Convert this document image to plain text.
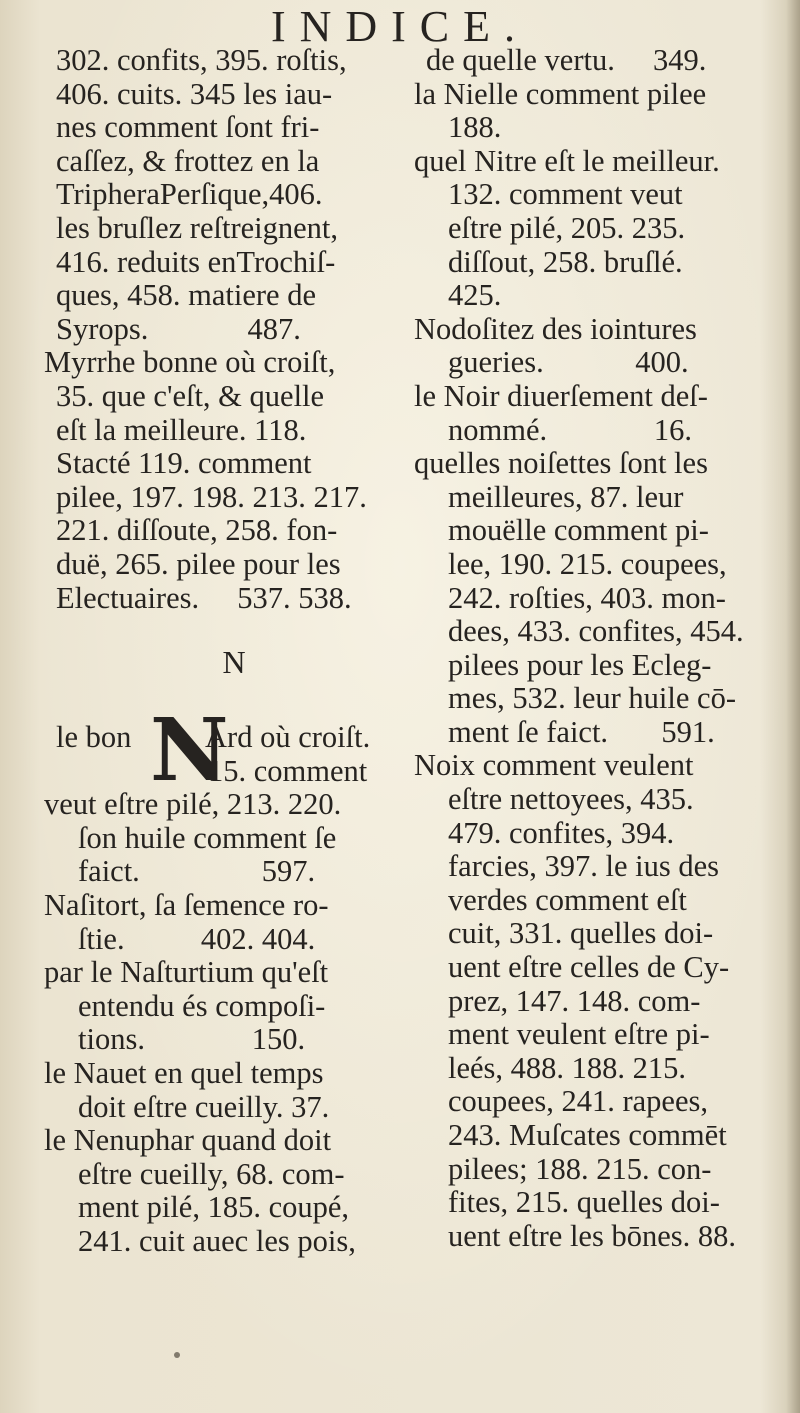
INDICE.
302. confits, 395. roſtis,
406. cuits. 345 les iau-
nes comment ſont fri-
caſſez, & frottez en la
TripheraPerſique,406.
les bruſlez reſtreignent,
416. reduits enTrochiſ-
ques, 458. matiere de
Syrops.             487.
Myrrhe bonne où croiſt,
35. que c'eſt, & quelle
eſt la meilleure. 118.
Stacté 119. comment
pilee, 197. 198. 213. 217.
221. diſſoute, 258. fon-
duë, 265. pilee pour les
Electuaires.     537. 538.
N
le bon N
Ard où croiſt.
15. comment
veut eſtre pilé, 213. 220.
ſon huile comment ſe
faict.                597.
Naſitort, ſa ſemence ro-
ſtie.          402. 404.
par le Naſturtium qu'eſt
entendu és compoſi-
tions.              150.
le Nauet en quel temps
doit eſtre cueilly. 37.
le Nenuphar quand doit
eſtre cueilly, 68. com-
ment pilé, 185. coupé,
241. cuit auec les pois,
de quelle vertu.     349.
la Nielle comment pilee
188.
quel Nitre eſt le meilleur.
132. comment veut
eſtre pilé, 205. 235.
diſſout, 258. bruſlé.
425.
Nodoſitez des iointures
gueries.            400.
le Noir diuerſement deſ-
nommé.              16.
quelles noiſettes ſont les
meilleures, 87. leur
mouëlle comment pi-
lee, 190. 215. coupees,
242. roſties, 403. mon-
dees, 433. confites, 454.
pilees pour les Ecleg-
mes, 532. leur huile cō-
ment ſe faict.       591.
Noix comment veulent
eſtre nettoyees, 435.
479. confites, 394.
farcies, 397. le ius des
verdes comment eſt
cuit, 331. quelles doi-
uent eſtre celles de Cy-
prez, 147. 148. com-
ment veulent eſtre pi-
leés, 488. 188. 215.
coupees, 241. rapees,
243. Muſcates commēt
pilees; 188. 215. con-
fites, 215. quelles doi-
uent eſtre les bōnes. 88.
